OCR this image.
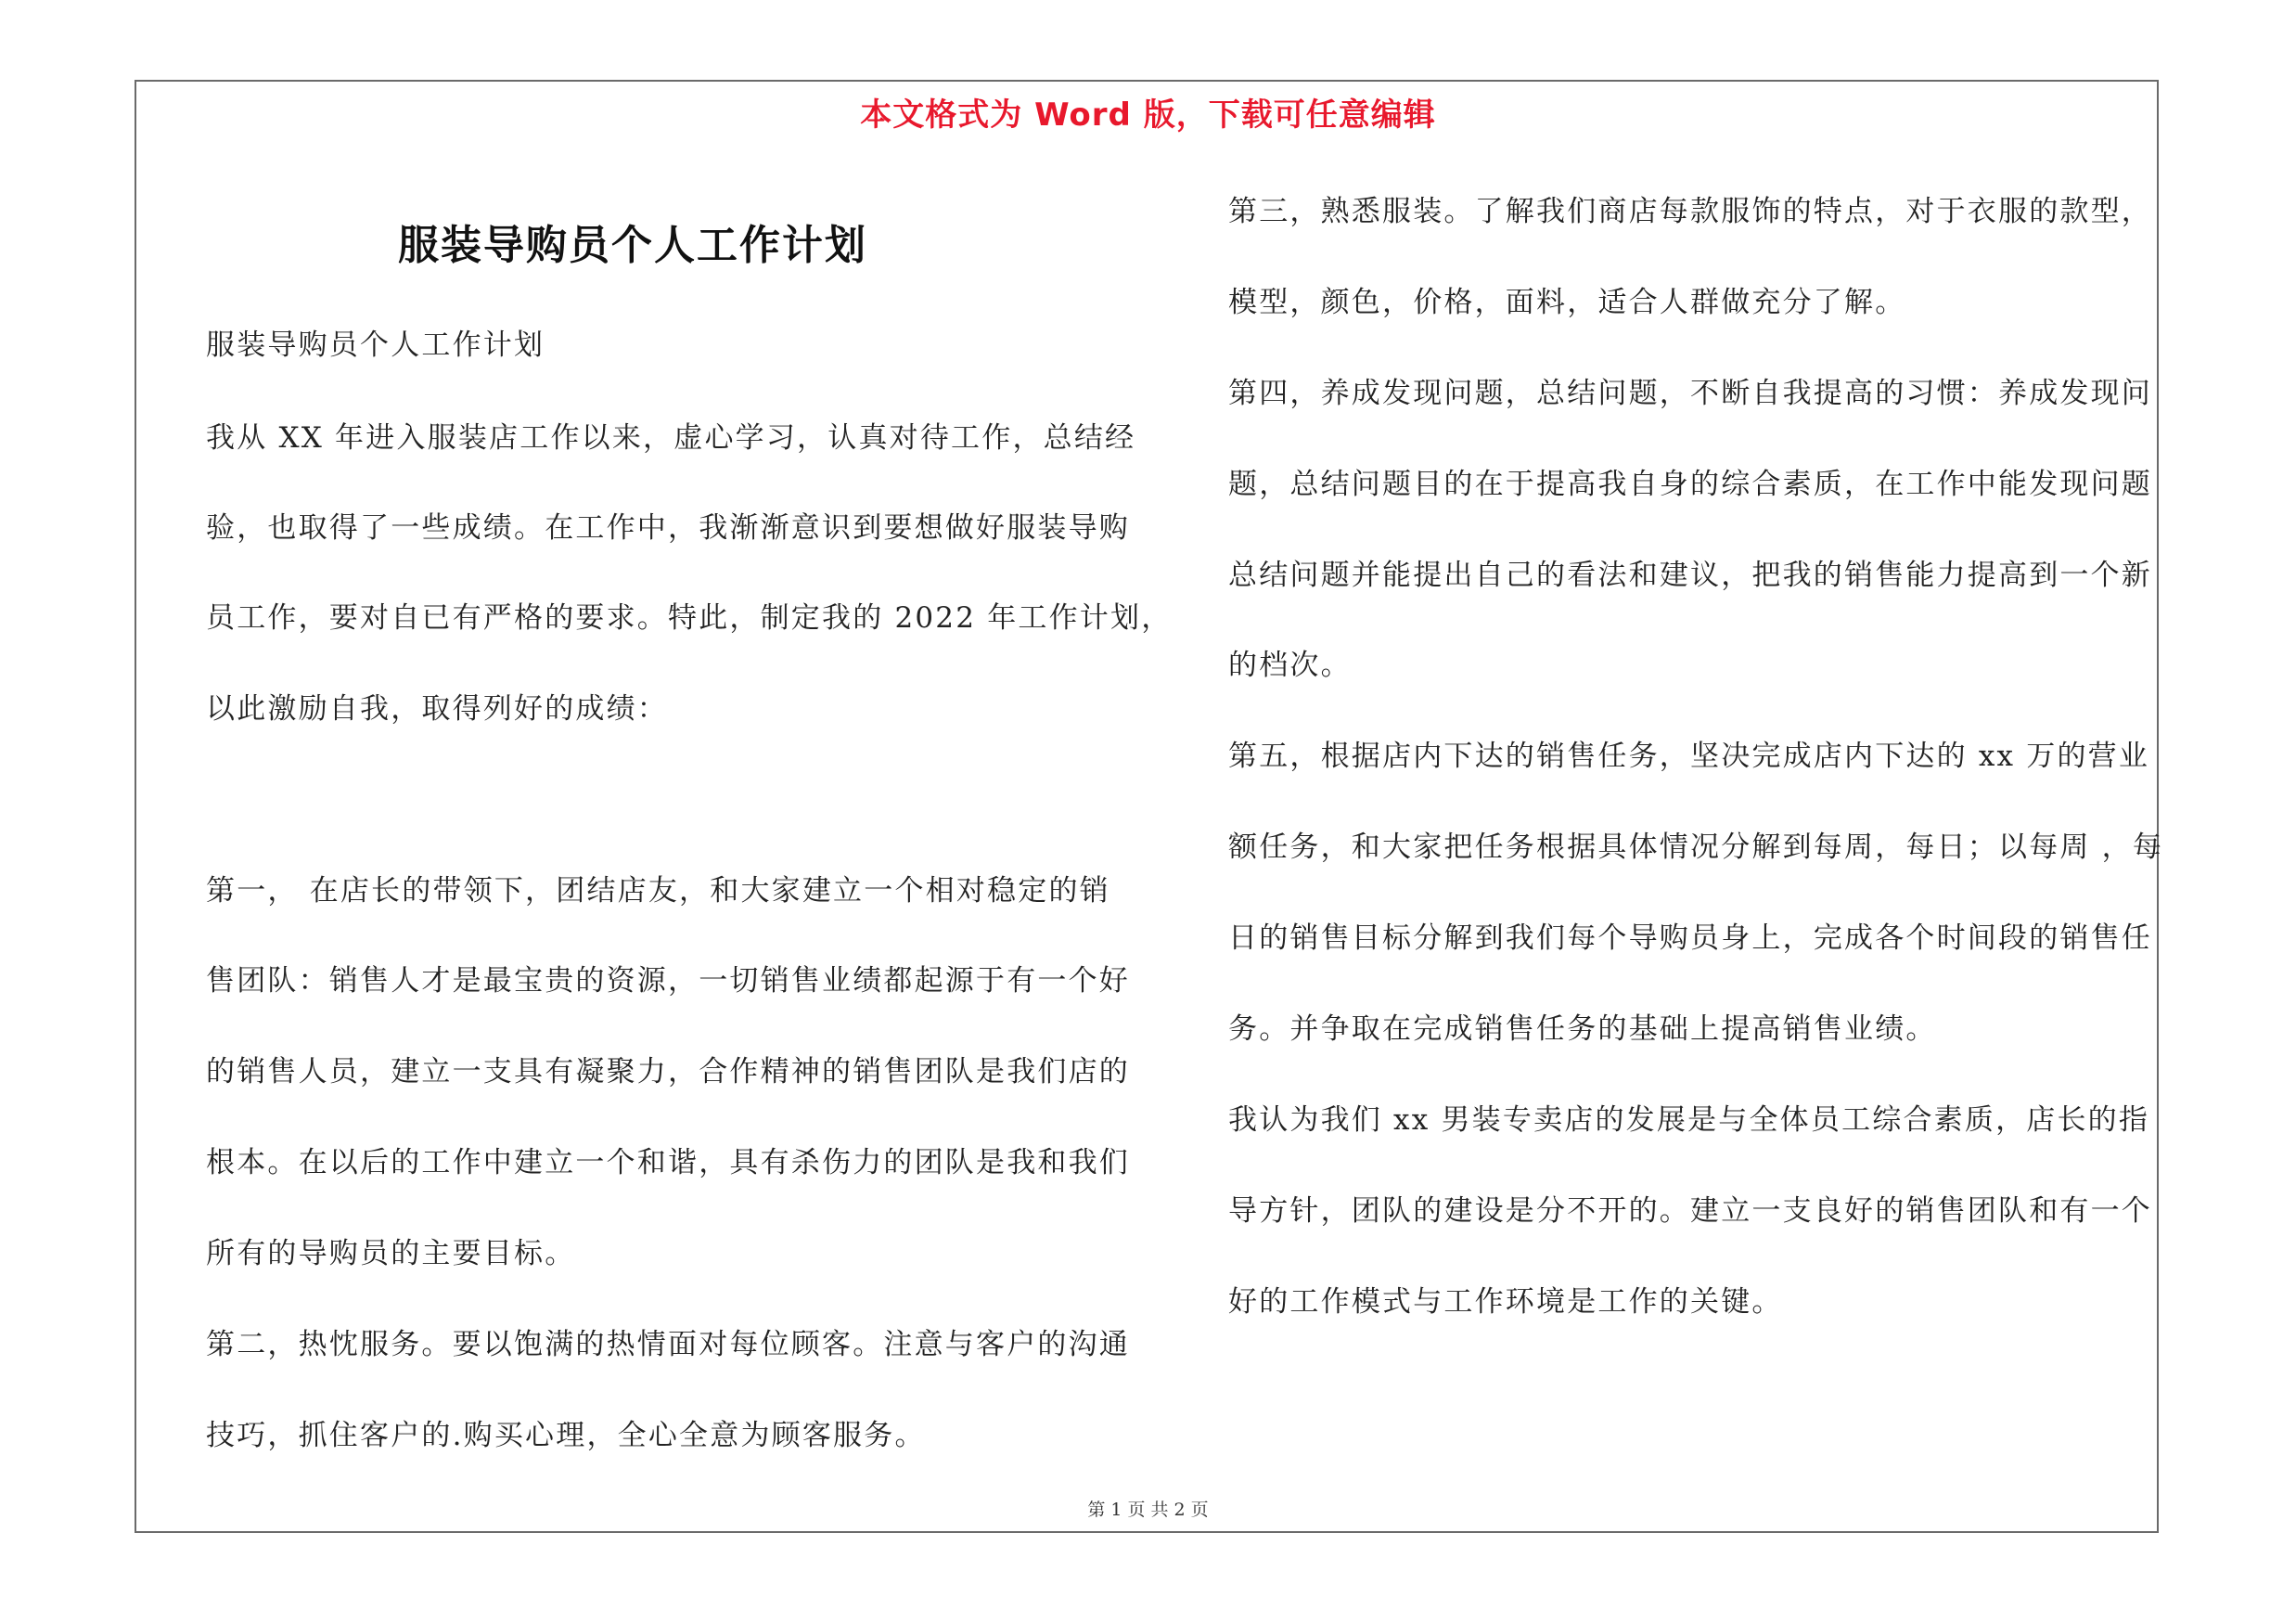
本文格式为 Word 版，下载可任意编辑
服装导购员个人工作计划
服装导购员个人工作计划
我从 XX 年进入服装店工作以来，虚心学习，认真对待工作，总结经
验，也取得了一些成绩。在工作中，我渐渐意识到要想做好服装导购
员工作，要对自已有严格的要求。特此，制定我的 2022 年工作计划，
以此激励自我，取得列好的成绩：
第一， 在店长的带领下，团结店友，和大家建立一个相对稳定的销
售团队：销售人才是最宝贵的资源，一切销售业绩都起源于有一个好
的销售人员，建立一支具有凝聚力，合作精神的销售团队是我们店的
根本。在以后的工作中建立一个和谐，具有杀伤力的团队是我和我们
所有的导购员的主要目标。
第二，热忱服务。要以饱满的热情面对每位顾客。注意与客户的沟通
技巧，抓住客户的.购买心理，全心全意为顾客服务。
第三，熟悉服装。了解我们商店每款服饰的特点，对于衣服的款型，
模型，颜色，价格，面料，适合人群做充分了解。
第四，养成发现问题，总结问题，不断自我提高的习惯：养成发现问
题，总结问题目的在于提高我自身的综合素质，在工作中能发现问题
总结问题并能提出自己的看法和建议，把我的销售能力提高到一个新
的档次。
第五，根据店内下达的销售任务，坚决完成店内下达的 xx 万的营业
额任务，和大家把任务根据具体情况分解到每周，每日；以每周 ，每
日的销售目标分解到我们每个导购员身上，完成各个时间段的销售任
务。并争取在完成销售任务的基础上提高销售业绩。
我认为我们 xx 男装专卖店的发展是与全体员工综合素质，店长的指
导方针，团队的建设是分不开的。建立一支良好的销售团队和有一个
好的工作模式与工作环境是工作的关键。
第 1 页 共 2 页
